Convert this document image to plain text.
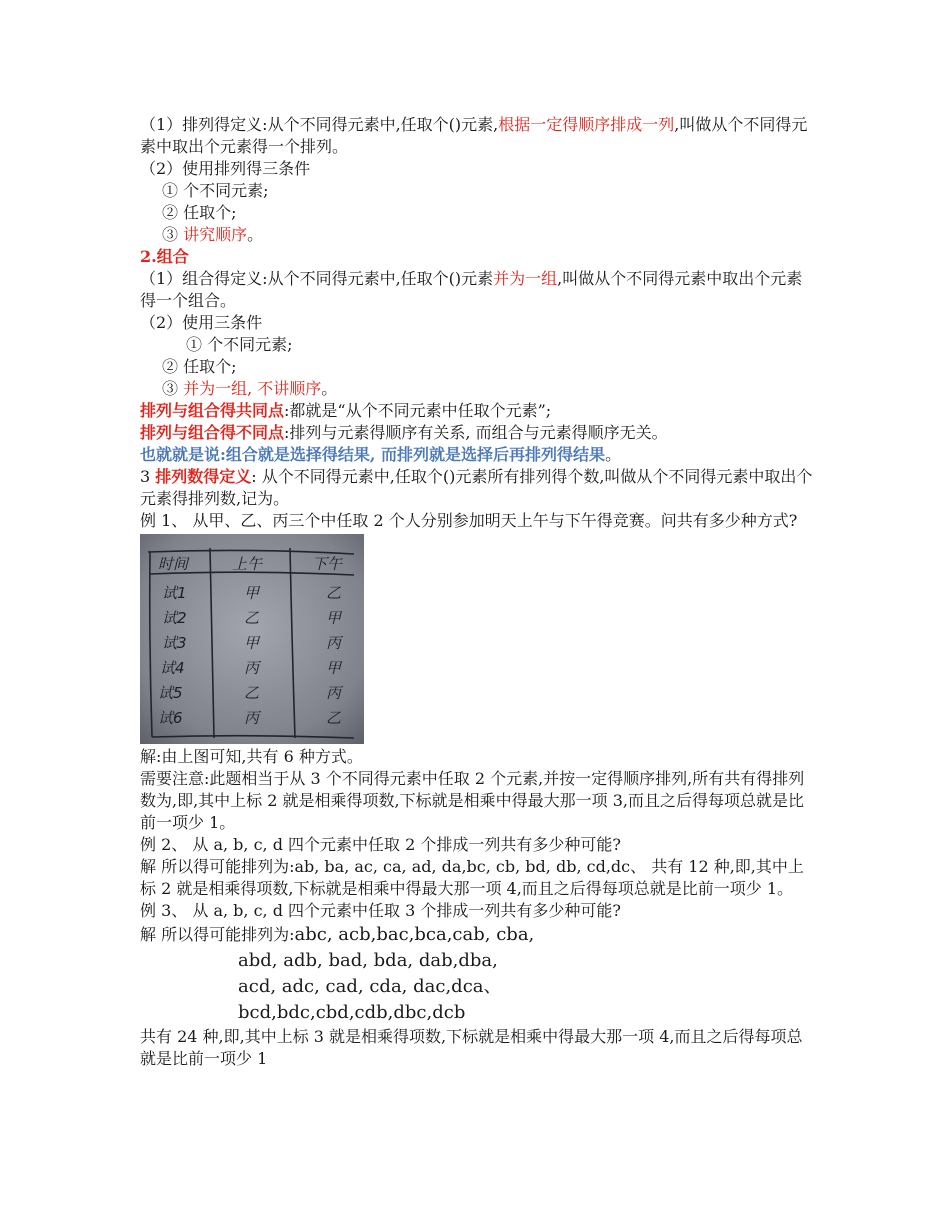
（1）排列得定义:从个不同得元素中,任取个()元素,根据一定得顺序排成一列,叫做从个不同得元素中取出个元素得一个排列。
（2）使用排列得三条件
① 个不同元素;
② 任取个;
③ 讲究顺序。
2.组合
（1）组合得定义:从个不同得元素中,任取个()元素并为一组,叫做从个不同得元素中取出个元素得一个组合。
（2）使用三条件
① 个不同元素;
② 任取个;
③ 并为一组, 不讲顺序。
排列与组合得共同点:都就是“从个不同元素中任取个元素”;
排列与组合得不同点:排列与元素得顺序有关系, 而组合与元素得顺序无关。
也就就是说:组合就是选择得结果, 而排列就是选择后再排列得结果。
3 排列数得定义: 从个不同得元素中,任取个()元素所有排列得个数,叫做从个不同得元素中取出个元素得排列数,记为。
例 1、 从甲、乙、丙三个中任取 2 个人分别参加明天上午与下午得竞赛。问共有多少种方式?
时间	上午	下午
试1	甲	乙
试2	乙	甲
试3	甲	丙
试4	丙	甲
试5	乙	丙
试6	丙	乙
解:由上图可知,共有 6 种方式。
需要注意:此题相当于从 3 个不同得元素中任取 2 个元素,并按一定得顺序排列,所有共有得排列数为,即,其中上标 2 就是相乘得项数,下标就是相乘中得最大那一项 3,而且之后得每项总就是比前一项少 1。
例 2、 从 a, b, c, d 四个元素中任取 2 个排成一列共有多少种可能?
解 所以得可能排列为:ab, ba, ac, ca, ad, da,bc, cb, bd, db, cd,dc、 共有 12 种,即,其中上标 2 就是相乘得项数,下标就是相乘中得最大那一项 4,而且之后得每项总就是比前一项少 1。
例 3、 从 a, b, c, d 四个元素中任取 3 个排成一列共有多少种可能?
解 所以得可能排列为:abc, acb,bac,bca,cab, cba,
abd, adb, bad, bda, dab,dba,
acd, adc, cad, cda, dac,dca、
bcd,bdc,cbd,cdb,dbc,dcb
共有 24 种,即,其中上标 3 就是相乘得项数,下标就是相乘中得最大那一项 4,而且之后得每项总就是比前一项少 1
